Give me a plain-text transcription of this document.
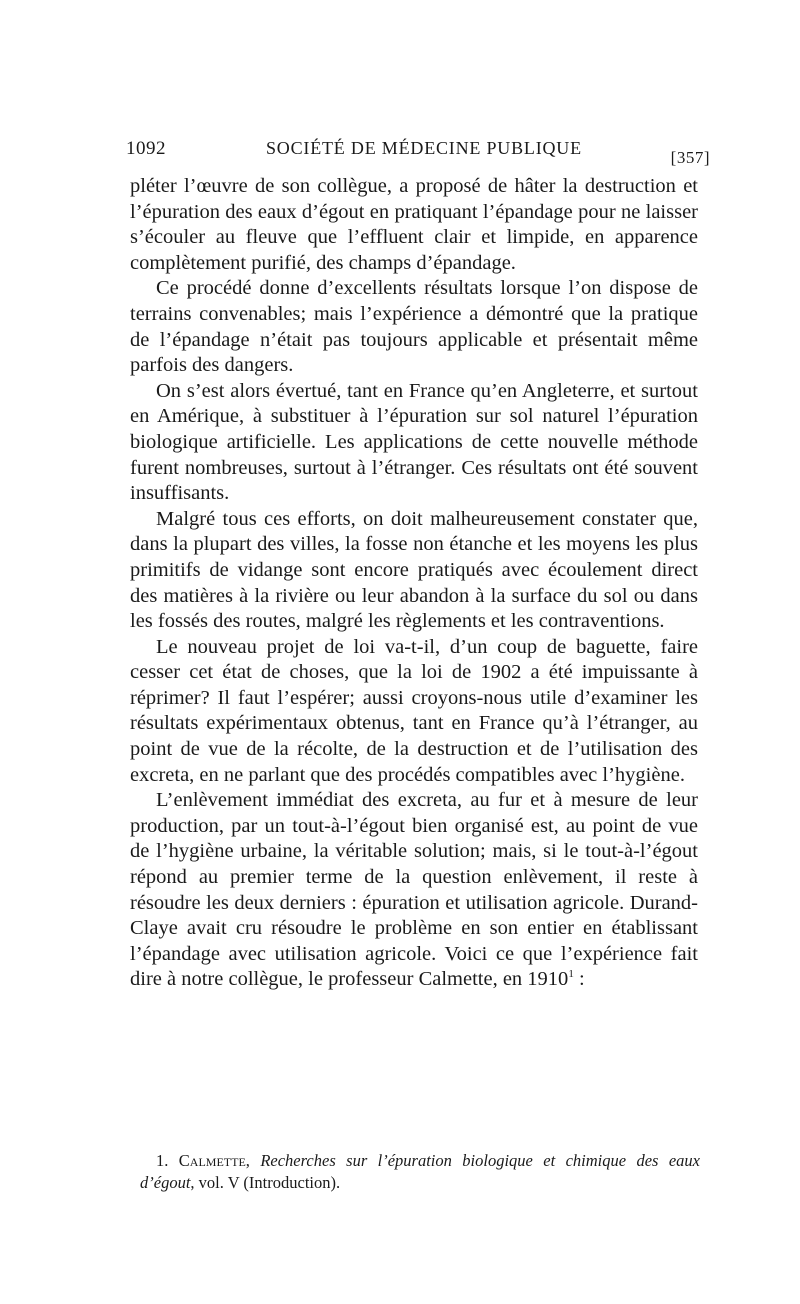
1092	SOCIÉTÉ DE MÉDECINE PUBLIQUE	[357]

pléter l’œuvre de son collègue, a proposé de hâter la destruction et l’épuration des eaux d’égout en pratiquant l’épandage pour ne laisser s’écouler au fleuve que l’effluent clair et limpide, en apparence complètement purifié, des champs d’épandage.

Ce procédé donne d’excellents résultats lorsque l’on dispose de terrains convenables; mais l’expérience a démontré que la pratique de l’épandage n’était pas toujours applicable et présentait même parfois des dangers.

On s’est alors évertué, tant en France qu’en Angleterre, et surtout en Amérique, à substituer à l’épuration sur sol naturel l’épuration biologique artificielle. Les applications de cette nouvelle méthode furent nombreuses, surtout à l’étranger. Ces résultats ont été souvent insuffisants.

Malgré tous ces efforts, on doit malheureusement constater que, dans la plupart des villes, la fosse non étanche et les moyens les plus primitifs de vidange sont encore pratiqués avec écoulement direct des matières à la rivière ou leur abandon à la surface du sol ou dans les fossés des routes, malgré les règlements et les contraventions.

Le nouveau projet de loi va-t-il, d’un coup de baguette, faire cesser cet état de choses, que la loi de 1902 a été impuissante à réprimer? Il faut l’espérer; aussi croyons-nous utile d’examiner les résultats expérimentaux obtenus, tant en France qu’à l’étranger, au point de vue de la récolte, de la destruction et de l’utilisation des excreta, en ne parlant que des procédés compatibles avec l’hygiène.

L’enlèvement immédiat des excreta, au fur et à mesure de leur production, par un tout-à-l’égout bien organisé est, au point de vue de l’hygiène urbaine, la véritable solution; mais, si le tout-à-l’égout répond au premier terme de la question enlèvement, il reste à résoudre les deux derniers : épuration et utilisation agricole. Durand-Claye avait cru résoudre le problème en son entier en établissant l’épandage avec utilisation agricole. Voici ce que l’expérience fait dire à notre collègue, le professeur Calmette, en 1910$^1$ :

1. Calmette, Recherches sur l’épuration biologique et chimique des eaux d’égout, vol. V (Introduction).
